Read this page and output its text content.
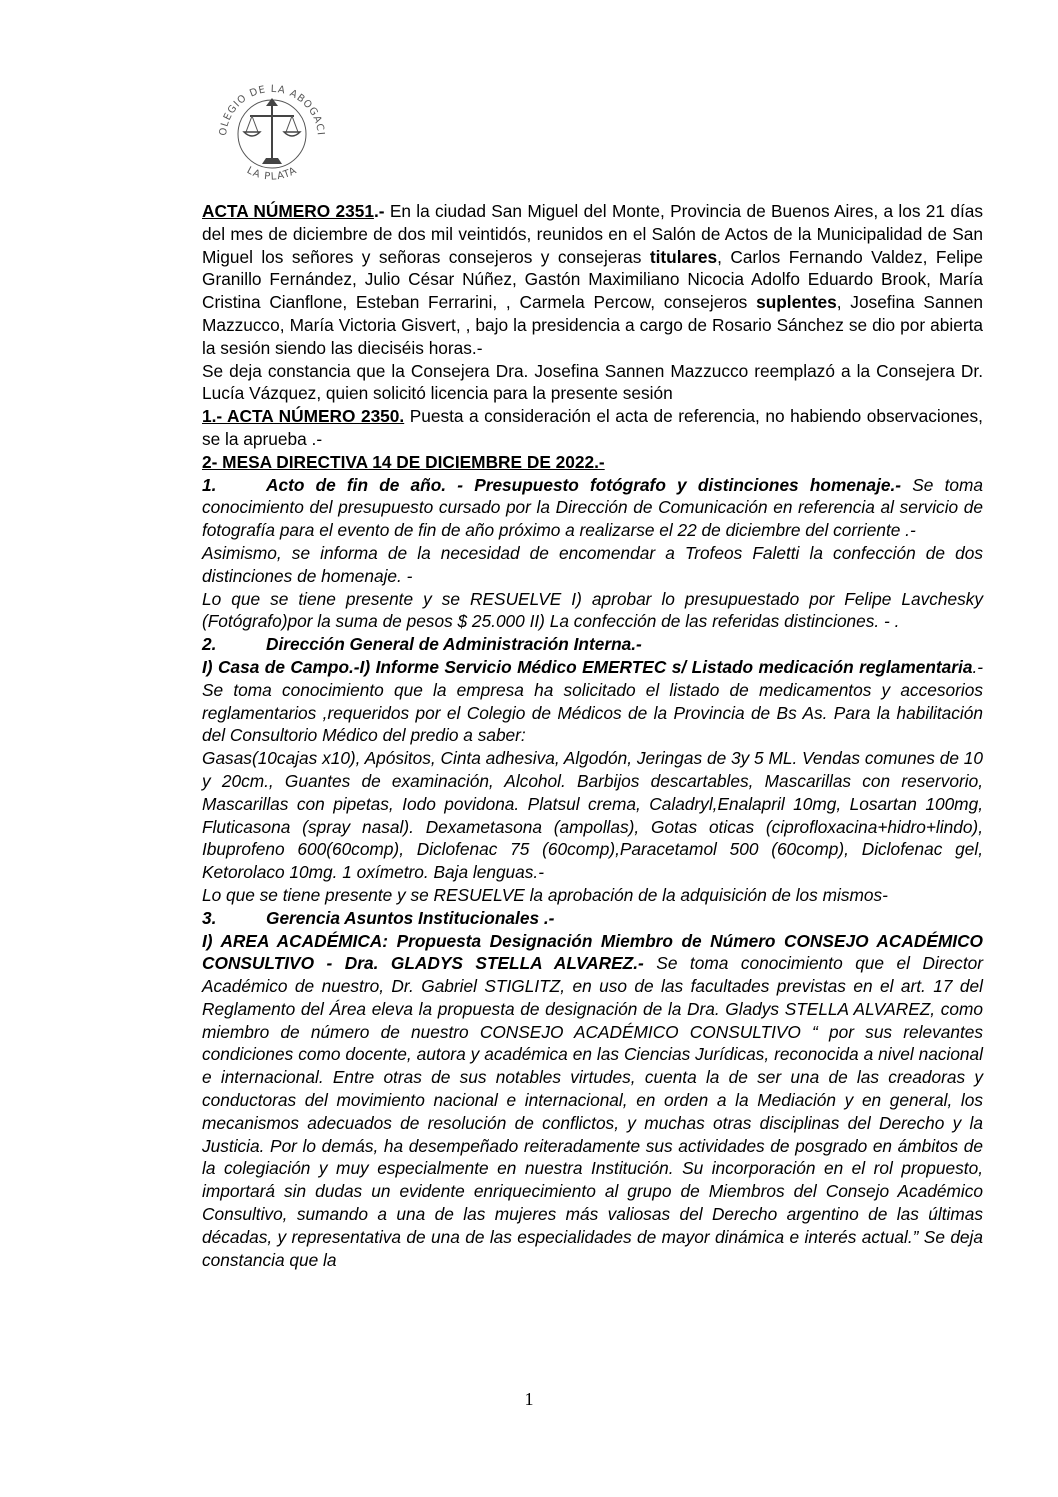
OLEGIO DE LA ABOGACI
LA PLATA

ACTA NÚMERO 2351.- En la ciudad San Miguel del Monte, Provincia de Buenos Aires, a los 21 días del mes de diciembre de dos mil veintidós, reunidos en el Salón de Actos de la Municipalidad de San Miguel los señores y señoras consejeros y consejeras titulares, Carlos Fernando Valdez, Felipe Granillo Fernández, Julio César Núñez, Gastón Maximiliano Nicocia Adolfo Eduardo Brook, María Cristina Cianflone, Esteban Ferrarini, , Carmela Percow, consejeros suplentes, Josefina Sannen Mazzucco, María Victoria Gisvert, , bajo la presidencia a cargo de Rosario Sánchez se dio por abierta la sesión siendo las dieciséis horas.-

Se deja constancia que la Consejera Dra. Josefina Sannen Mazzucco reemplazó a la Consejera Dr. Lucía Vázquez, quien solicitó licencia para la presente sesión

1.- ACTA NÚMERO 2350. Puesta a consideración el acta de referencia, no habiendo observaciones, se la aprueba .-

2- MESA DIRECTIVA 14 DE DICIEMBRE DE 2022.-

1.	Acto de fin de año. - Presupuesto fotógrafo y distinciones homenaje.- Se toma conocimiento del presupuesto cursado por la Dirección de Comunicación en referencia al servicio de fotografía para el evento de fin de año próximo a realizarse el 22 de diciembre del corriente .-

Asimismo, se informa de la necesidad de encomendar a Trofeos Faletti la confección de dos distinciones de homenaje. -

Lo que se tiene presente y se RESUELVE I) aprobar lo presupuestado por Felipe Lavchesky (Fotógrafo)por la suma de pesos $ 25.000 II) La confección de las referidas distinciones. - .

2.	Dirección General de Administración Interna.-

I) Casa de Campo.-I) Informe Servicio Médico EMERTEC s/ Listado medicación reglamentaria.- Se toma conocimiento que la empresa ha solicitado el listado de medicamentos y accesorios reglamentarios ,requeridos por el Colegio de Médicos de la Provincia de Bs As. Para la habilitación del Consultorio Médico del predio a saber:

Gasas(10cajas x10), Apósitos, Cinta adhesiva, Algodón, Jeringas de 3y 5 ML. Vendas comunes de 10 y 20cm., Guantes de examinación, Alcohol. Barbijos descartables, Mascarillas con reservorio, Mascarillas con pipetas, Iodo povidona. Platsul crema, Caladryl,Enalapril 10mg, Losartan 100mg, Fluticasona (spray nasal). Dexametasona (ampollas), Gotas oticas (ciprofloxacina+hidro+lindo), Ibuprofeno 600(60comp), Diclofenac 75 (60comp),Paracetamol 500 (60comp), Diclofenac gel, Ketorolaco 10mg. 1 oxímetro. Baja lenguas.-

Lo que se tiene presente y se RESUELVE la aprobación de la adquisición de los mismos-

3.	Gerencia Asuntos Institucionales .-

I) AREA ACADÉMICA: Propuesta Designación Miembro de Número CONSEJO ACADÉMICO CONSULTIVO - Dra. GLADYS STELLA ALVAREZ.- Se toma conocimiento que el Director Académico de nuestro, Dr. Gabriel STIGLITZ, en uso de las facultades previstas en el art. 17 del Reglamento del Área eleva la propuesta de designación de la Dra. Gladys STELLA ALVAREZ, como miembro de número de nuestro CONSEJO ACADÉMICO CONSULTIVO “ por sus relevantes condiciones como docente, autora y académica en las Ciencias Jurídicas, reconocida a nivel nacional e internacional. Entre otras de sus notables virtudes, cuenta la de ser una de las creadoras y conductoras del movimiento nacional e internacional, en orden a la Mediación y en general, los mecanismos adecuados de resolución de conflictos, y muchas otras disciplinas del Derecho y la Justicia. Por lo demás, ha desempeñado reiteradamente sus actividades de posgrado en ámbitos de la colegiación y muy especialmente en nuestra Institución. Su incorporación en el rol propuesto, importará sin dudas un evidente enriquecimiento al grupo de Miembros del Consejo Académico Consultivo, sumando a una de las mujeres más valiosas del Derecho argentino de las últimas décadas, y representativa de una de las especialidades de mayor dinámica e interés actual.” Se deja constancia que la

1
